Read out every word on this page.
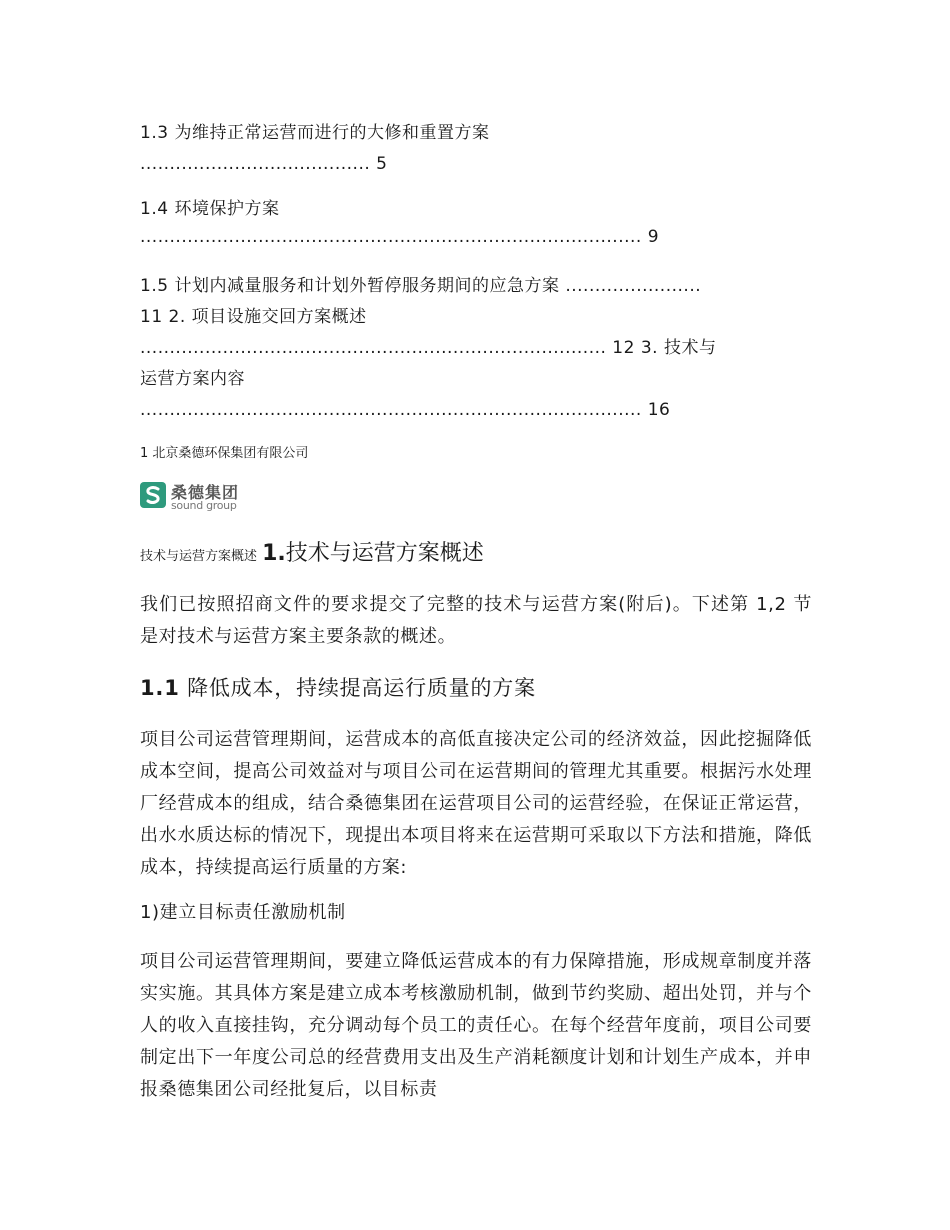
1.3 为维持正常运营而进行的大修和重置方案
....................................... 5
1.4 环境保护方案
..................................................................................... 9
1.5 计划内减量服务和计划外暂停服务期间的应急方案 .......................
11 2. 项目设施交回方案概述
............................................................................... 12 3. 技术与
运营方案内容
..................................................................................... 16
1 北京桑德环保集团有限公司
桑德集团
sound group
技术与运营方案概述 1.技术与运营方案概述

我们已按照招商文件的要求提交了完整的技术与运营方案(附后)。下述第 1,2 节是对技术与运营方案主要条款的概述。

1.1 降低成本，持续提高运行质量的方案

项目公司运营管理期间，运营成本的高低直接决定公司的经济效益，因此挖掘降低成本空间，提高公司效益对与项目公司在运营期间的管理尤其重要。根据污水处理厂经营成本的组成，结合桑德集团在运营项目公司的运营经验，在保证正常运营，出水水质达标的情况下，现提出本项目将来在运营期可采取以下方法和措施，降低成本，持续提高运行质量的方案:

1)建立目标责任激励机制

项目公司运营管理期间，要建立降低运营成本的有力保障措施，形成规章制度并落实实施。其具体方案是建立成本考核激励机制，做到节约奖励、超出处罚，并与个人的收入直接挂钩，充分调动每个员工的责任心。在每个经营年度前，项目公司要制定出下一年度公司总的经营费用支出及生产消耗额度计划和计划生产成本，并申报桑德集团公司经批复后，以目标责
